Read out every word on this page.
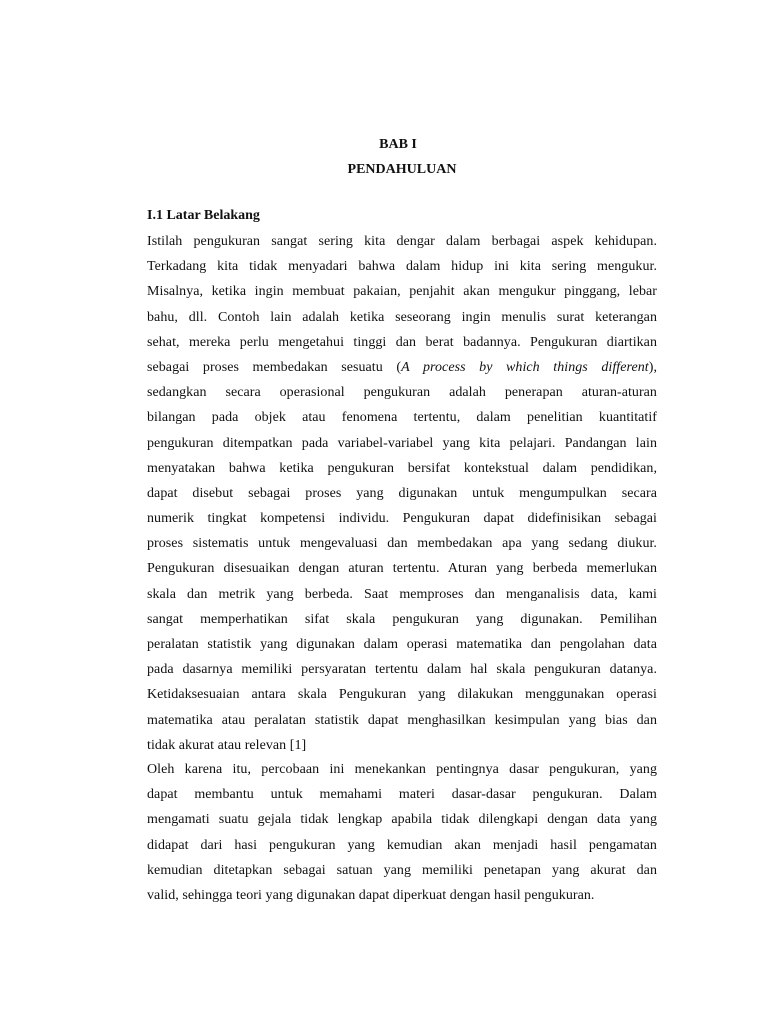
BAB I
PENDAHULUAN
I.1 Latar Belakang
Istilah pengukuran sangat sering kita dengar dalam berbagai aspek kehidupan.
Terkadang kita tidak menyadari bahwa dalam hidup ini kita sering mengukur.
Misalnya, ketika ingin membuat pakaian, penjahit akan mengukur pinggang, lebar
bahu, dll. Contoh lain adalah ketika seseorang ingin menulis surat keterangan
sehat, mereka perlu mengetahui tinggi dan berat badannya. Pengukuran diartikan
sebagai proses membedakan sesuatu (A process by which things different),
sedangkan secara operasional pengukuran adalah penerapan aturan-aturan
bilangan pada objek atau fenomena tertentu, dalam penelitian kuantitatif
pengukuran ditempatkan pada variabel-variabel yang kita pelajari. Pandangan lain
menyatakan bahwa ketika pengukuran bersifat kontekstual dalam pendidikan,
dapat disebut sebagai proses yang digunakan untuk mengumpulkan secara
numerik tingkat kompetensi individu. Pengukuran dapat didefinisikan sebagai
proses sistematis untuk mengevaluasi dan membedakan apa yang sedang diukur.
Pengukuran disesuaikan dengan aturan tertentu. Aturan yang berbeda memerlukan
skala dan metrik yang berbeda. Saat memproses dan menganalisis data, kami
sangat memperhatikan sifat skala pengukuran yang digunakan. Pemilihan
peralatan statistik yang digunakan dalam operasi matematika dan pengolahan data
pada dasarnya memiliki persyaratan tertentu dalam hal skala pengukuran datanya.
Ketidaksesuaian antara skala Pengukuran yang dilakukan menggunakan operasi
matematika atau peralatan statistik dapat menghasilkan kesimpulan yang bias dan
tidak akurat atau relevan [1]
Oleh karena itu, percobaan ini menekankan pentingnya dasar pengukuran, yang
dapat membantu untuk memahami materi dasar-dasar pengukuran. Dalam
mengamati suatu gejala tidak lengkap apabila tidak dilengkapi dengan data yang
didapat dari hasi pengukuran yang kemudian akan menjadi hasil pengamatan
kemudian ditetapkan sebagai satuan yang memiliki penetapan yang akurat dan
valid, sehingga teori yang digunakan dapat diperkuat dengan hasil pengukuran.
